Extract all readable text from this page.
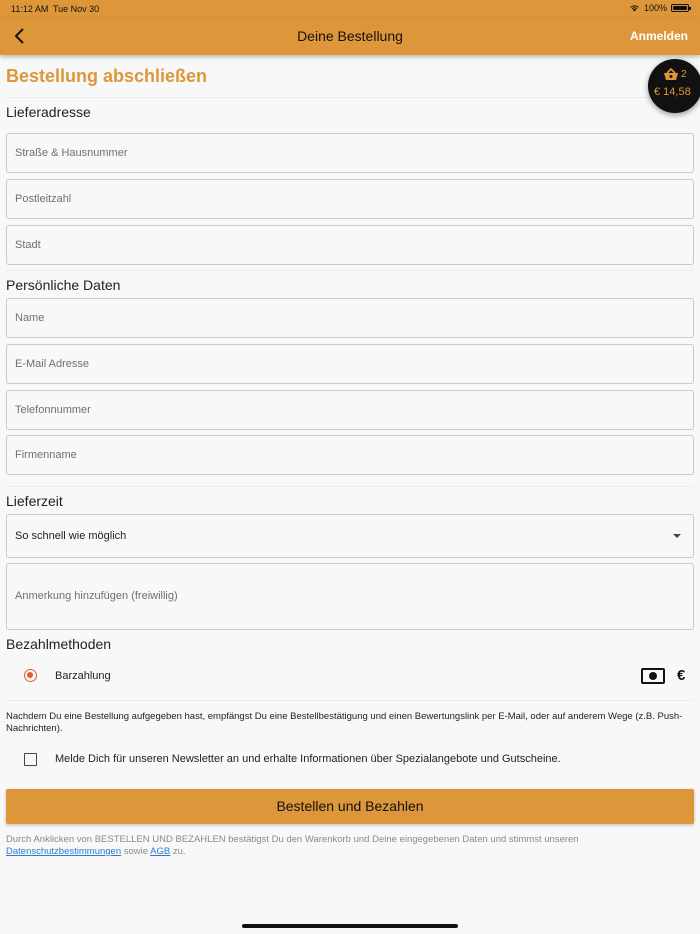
11:12 AM Tue Nov 30	100%
Deine Bestellung	Anmelden
Bestellung abschließen	2
€ 14,58
Lieferadresse
Straße & Hausnummer
Postleitzahl
Stadt
Persönliche Daten
Name
E-Mail Adresse
Telefonnummer
Firmenname
Lieferzeit
So schnell wie möglich
Anmerkung hinzufügen (freiwillig)
Bezahlmethoden
Barzahlung	€
Nachdem Du eine Bestellung aufgegeben hast, empfängst Du eine Bestellbestätigung und einen Bewertungslink per E-Mail, oder auf anderem Wege (z.B. Push-Nachrichten).
Melde Dich für unseren Newsletter an und erhalte Informationen über Spezialangebote und Gutscheine.
Bestellen und Bezahlen
Durch Anklicken von BESTELLEN UND BEZAHLEN bestätigst Du den Warenkorb und Deine eingegebenen Daten und stimmst unseren Datenschutzbestimmungen sowie AGB zu.
